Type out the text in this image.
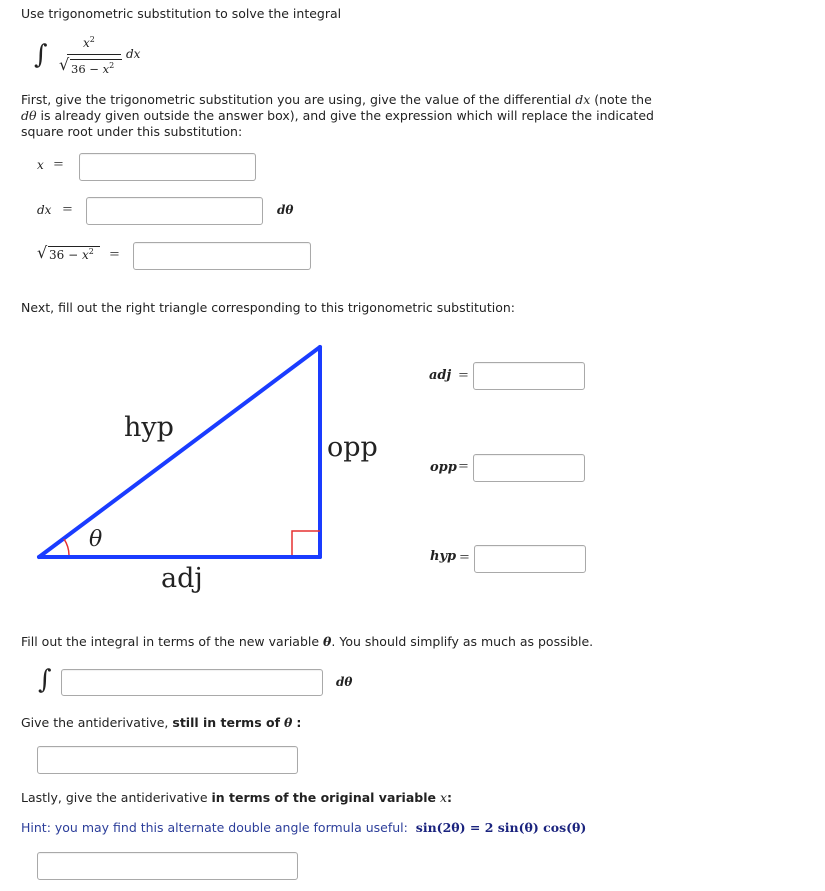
Use trigonometric substitution to solve the integral
∫	$x^2$
√ $36 - x^2$
dx
First, give the trigonometric substitution you are using, give the value of the differential dx (note the dθ is already given outside the answer box), and give the expression which will replace the indicated square root under this substitution:
x =
dx =	dθ
√ $36 - x^2$ =
Next, fill out the right triangle corresponding to this trigonometric substitution:
hyp
opp
adj
θ
adj =
opp =
hyp =
Fill out the integral in terms of the new variable θ. You should simplify as much as possible.
∫	dθ
Give the antiderivative, still in terms of θ :
Lastly, give the antiderivative in terms of the original variable x:
Hint: you may find this alternate double angle formula useful: sin(2θ) = 2 sin(θ) cos(θ)
